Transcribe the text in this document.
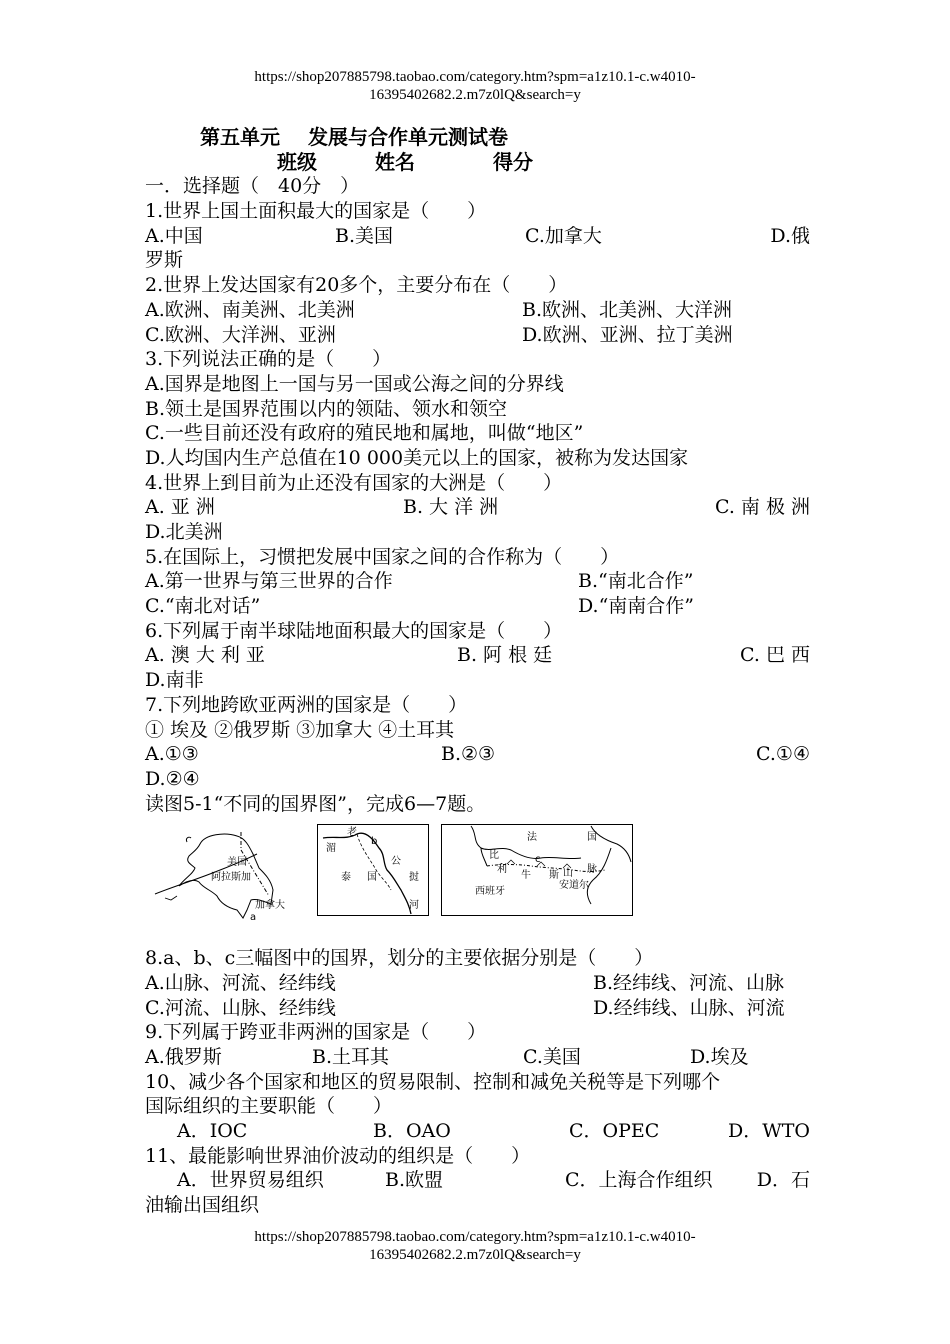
https://shop207885798.taobao.com/category.htm?spm=a1z10.1-c.w4010-
16395402682.2.m7z0lQ&search=y
第五单元 发展与合作单元测试卷
班级	姓名	得分
一．选择题（　40分　）
1.世界上国土面积最大的国家是（　　）
A.中国	B.美国	C.加拿大	D.俄
罗斯
2.世界上发达国家有20多个，主要分布在（　　）
A.欧洲、南美洲、北美洲	B.欧洲、北美洲、大洋洲
C.欧洲、大洋洲、亚洲	D.欧洲、亚洲、拉丁美洲
3.下列说法正确的是（　　）
A.国界是地图上一国与另一国或公海之间的分界线
B.领土是国界范围以内的领陆、领水和领空
C.一些目前还没有政府的殖民地和属地，叫做“地区”
D.人均国内生产总值在10 000美元以上的国家，被称为发达国家
4.世界上到目前为止还没有国家的大洲是（　　）
A. 亚 洲	B. 大 洋 洲	C. 南 极 洲
D.北美洲
5.在国际上，习惯把发展中国家之间的合作称为（　　）
A.第一世界与第三世界的合作	B.“南北合作”
C.“南北对话”	D.“南南合作”
6.下列属于南半球陆地面积最大的国家是（　　）
A. 澳 大 利 亚	B. 阿 根 廷	C. 巴 西
D.南非
7.下列地跨欧亚两洲的国家是（　　）
① 埃及 ②俄罗斯 ③加拿大 ④土耳其
A.①③	B.②③	C.①④
D.②④
读图5-1“不同的国界图”，完成6—7题。
美国
阿拉斯加
加拿大
a
老
湄
b
泰 国
公
挝
河
法	国
比
利
c
牛 斯 山 脉
安道尔
西班牙
8.a、b、c三幅图中的国界，划分的主要依据分别是（　　）
A.山脉、河流、经纬线	B.经纬线、河流、山脉
C.河流、山脉、经纬线	D.经纬线、山脉、河流
9.下列属于跨亚非两洲的国家是（　　）
A.俄罗斯	B.土耳其	C.美国	D.埃及
10、减少各个国家和地区的贸易限制、控制和减免关税等是下列哪个
国际组织的主要职能（　　）
A．IOC	B．OAO	C．OPEC	D．WTO
11、最能影响世界油价波动的组织是（　　）
A．世界贸易组织	B.欧盟	C．上海合作组织 D．石
油输出国组织
https://shop207885798.taobao.com/category.htm?spm=a1z10.1-c.w4010-
16395402682.2.m7z0lQ&search=y
